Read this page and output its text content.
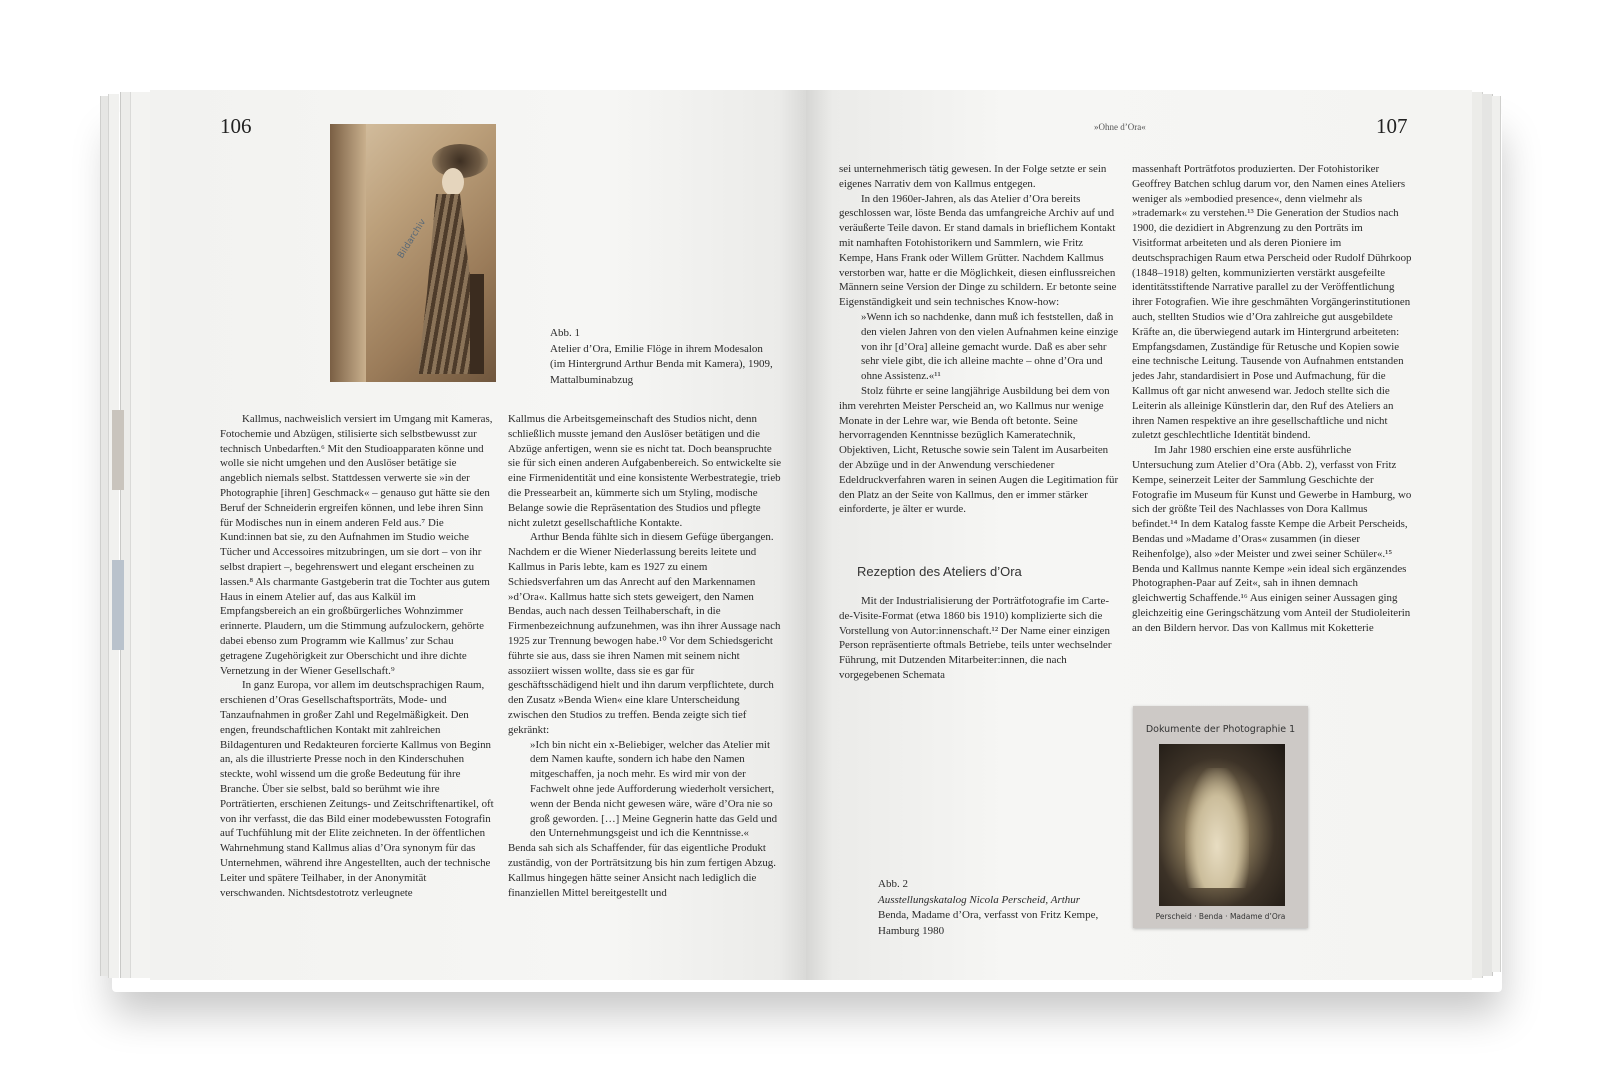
106
Bildarchiv
Abb. 1
Atelier d’Ora, Emilie Flöge in ihrem Modesalon
(im Hintergrund Arthur Benda mit Kamera), 1909,
Mattalbuminabzug

Kallmus, nachweislich versiert im Umgang mit Kameras, Fotochemie und Abzügen, stilisierte sich selbstbewusst zur technisch Unbedarften.⁶ Mit den Studioapparaten könne und wolle sie nicht umgehen und den Auslöser betätige sie angeblich niemals selbst. Stattdessen verwerte sie »in der Photographie [ihren] Geschmack« – genauso gut hätte sie den Beruf der Schneiderin ergreifen können, und lebe ihren Sinn für Modisches nun in einem anderen Feld aus.⁷ Die Kund:innen bat sie, zu den Aufnahmen im Studio weiche Tücher und Accessoires mitzubringen, um sie dort – von ihr selbst drapiert –, begehrenswert und elegant erscheinen zu lassen.⁸ Als charmante Gastgeberin trat die Tochter aus gutem Haus in einem Atelier auf, das aus Kalkül im Empfangsbereich an ein großbürgerliches Wohnzimmer erinnerte. Plaudern, um die Stimmung aufzulockern, gehörte dabei ebenso zum Programm wie Kallmus’ zur Schau getragene Zugehörigkeit zur Oberschicht und ihre dichte Vernetzung in der Wiener Gesellschaft.⁹

In ganz Europa, vor allem im deutschsprachigen Raum, erschienen d’Oras Gesellschaftsporträts, Mode- und Tanzaufnahmen in großer Zahl und Regelmäßigkeit. Den engen, freundschaftlichen Kontakt mit zahlreichen Bildagenturen und Redakteuren forcierte Kallmus von Beginn an, als die illustrierte Presse noch in den Kinderschuhen steckte, wohl wissend um die große Bedeutung für ihre Branche. Über sie selbst, bald so berühmt wie ihre Porträtierten, erschienen Zeitungs- und Zeitschriftenartikel, oft von ihr verfasst, die das Bild einer modebewussten Fotografin auf Tuchfühlung mit der Elite zeichneten. In der öffentlichen Wahrnehmung stand Kallmus alias d’Ora synonym für das Unternehmen, während ihre Angestellten, auch der technische Leiter und spätere Teilhaber, in der Anonymität verschwanden. Nichtsdestotrotz verleugnete

Kallmus die Arbeitsgemeinschaft des Studios nicht, denn schließlich musste jemand den Auslöser betätigen und die Abzüge anfertigen, wenn sie es nicht tat. Doch beanspruchte sie für sich einen anderen Aufgabenbereich. So entwickelte sie eine Firmenidentität und eine konsistente Werbestrategie, trieb die Pressearbeit an, kümmerte sich um Styling, modische Belange sowie die Repräsentation des Studios und pflegte nicht zuletzt gesellschaftliche Kontakte.

Arthur Benda fühlte sich in diesem Gefüge übergangen. Nachdem er die Wiener Niederlassung bereits leitete und Kallmus in Paris lebte, kam es 1927 zu einem Schiedsverfahren um das Anrecht auf den Markennamen »d’Ora«. Kallmus hatte sich stets geweigert, den Namen Bendas, auch nach dessen Teilhaberschaft, in die Firmenbezeichnung aufzunehmen, was ihn ihrer Aussage nach 1925 zur Trennung bewogen habe.¹⁰ Vor dem Schiedsgericht führte sie aus, dass sie ihren Namen mit seinem nicht assoziiert wissen wollte, dass sie es gar für geschäftsschädigend hielt und ihn darum verpflichtete, durch den Zusatz »Benda Wien« eine klare Unterscheidung zwischen den Studios zu treffen. Benda zeigte sich tief gekränkt:

»Ich bin nicht ein x-Beliebiger, welcher das Atelier mit dem Namen kaufte, sondern ich habe den Namen mitgeschaffen, ja noch mehr. Es wird mir von der Fachwelt ohne jede Aufforderung wiederholt versichert, wenn der Benda nicht gewesen wäre, wäre d’Ora nie so groß geworden. […] Meine Gegnerin hatte das Geld und den Unternehmungsgeist und ich die Kenntnisse.«

Benda sah sich als Schaffender, für das eigentliche Produkt zuständig, von der Porträtsitzung bis hin zum fertigen Abzug. Kallmus hingegen hätte seiner Ansicht nach lediglich die finanziellen Mittel bereitgestellt und

»Ohne d’Ora«	107

sei unternehmerisch tätig gewesen. In der Folge setzte er sein eigenes Narrativ dem von Kallmus entgegen.

In den 1960er-Jahren, als das Atelier d’Ora bereits geschlossen war, löste Benda das umfangreiche Archiv auf und veräußerte Teile davon. Er stand damals in brieflichem Kontakt mit namhaften Fotohistorikern und Sammlern, wie Fritz Kempe, Hans Frank oder Willem Grütter. Nachdem Kallmus verstorben war, hatte er die Möglichkeit, diesen einflussreichen Männern seine Version der Dinge zu schildern. Er betonte seine Eigenständigkeit und sein technisches Know-how:

»Wenn ich so nachdenke, dann muß ich feststellen, daß in den vielen Jahren von den vielen Aufnahmen keine einzige von ihr [d’Ora] alleine gemacht wurde. Daß es aber sehr sehr viele gibt, die ich alleine machte – ohne d’Ora und ohne Assistenz.«¹¹

Stolz führte er seine langjährige Ausbildung bei dem von ihm verehrten Meister Perscheid an, wo Kallmus nur wenige Monate in der Lehre war, wie Benda oft betonte. Seine hervorragenden Kenntnisse bezüglich Kameratechnik, Objektiven, Licht, Retusche sowie sein Talent im Ausarbeiten der Abzüge und in der Anwendung verschiedener Edeldruckverfahren waren in seinen Augen die Legitimation für den Platz an der Seite von Kallmus, den er immer stärker einforderte, je älter er wurde.

Rezeption des Ateliers d’Ora

Mit der Industrialisierung der Porträtfotografie im Carte-de-Visite-Format (etwa 1860 bis 1910) komplizierte sich die Vorstellung von Autor:innenschaft.¹² Der Name einer einzigen Person repräsentierte oftmals Betriebe, teils unter wechselnder Führung, mit Dutzenden Mitarbeiter:innen, die nach vorgegebenen Schemata

massenhaft Porträtfotos produzierten. Der Fotohistoriker Geoffrey Batchen schlug darum vor, den Namen eines Ateliers weniger als »embodied presence«, denn vielmehr als »trademark« zu verstehen.¹³ Die Generation der Studios nach 1900, die dezidiert in Abgrenzung zu den Porträts im Visitformat arbeiteten und als deren Pioniere im deutschsprachigen Raum etwa Perscheid oder Rudolf Dührkoop (1848–1918) gelten, kommunizierten verstärkt ausgefeilte identitätsstiftende Narrative parallel zu der Veröffentlichung ihrer Fotografien. Wie ihre geschmähten Vorgängerinstitutionen auch, stellten Studios wie d’Ora zahlreiche gut ausgebildete Kräfte an, die überwiegend autark im Hintergrund arbeiteten: Empfangsdamen, Zuständige für Retusche und Kopien sowie eine technische Leitung. Tausende von Aufnahmen entstanden jedes Jahr, standardisiert in Pose und Aufmachung, für die Kallmus oft gar nicht anwesend war. Jedoch stellte sich die Leiterin als alleinige Künstlerin dar, den Ruf des Ateliers an ihren Namen respektive an ihre gesellschaftliche und nicht zuletzt geschlechtliche Identität bindend.

Im Jahr 1980 erschien eine erste ausführliche Untersuchung zum Atelier d’Ora (Abb. 2), verfasst von Fritz Kempe, seinerzeit Leiter der Sammlung Geschichte der Fotografie im Museum für Kunst und Gewerbe in Hamburg, wo sich der größte Teil des Nachlasses von Dora Kallmus befindet.¹⁴ In dem Katalog fasste Kempe die Arbeit Perscheids, Bendas und »Madame d’Oras« zusammen (in dieser Reihenfolge), also »der Meister und zwei seiner Schüler«.¹⁵ Benda und Kallmus nannte Kempe »ein ideal sich ergänzendes Photographen-Paar auf Zeit«, sah in ihnen demnach gleichwertig Schaffende.¹⁶ Aus einigen seiner Aussagen ging gleichzeitig eine Geringschätzung vom Anteil der Studioleiterin an den Bildern hervor. Das von Kallmus mit Koketterie

Dokumente der Photographie 1
Perscheid · Benda · Madame d’Ora
Abb. 2
Ausstellungskatalog Nicola Perscheid, Arthur
Benda, Madame d’Ora, verfasst von Fritz Kempe,
Hamburg 1980
